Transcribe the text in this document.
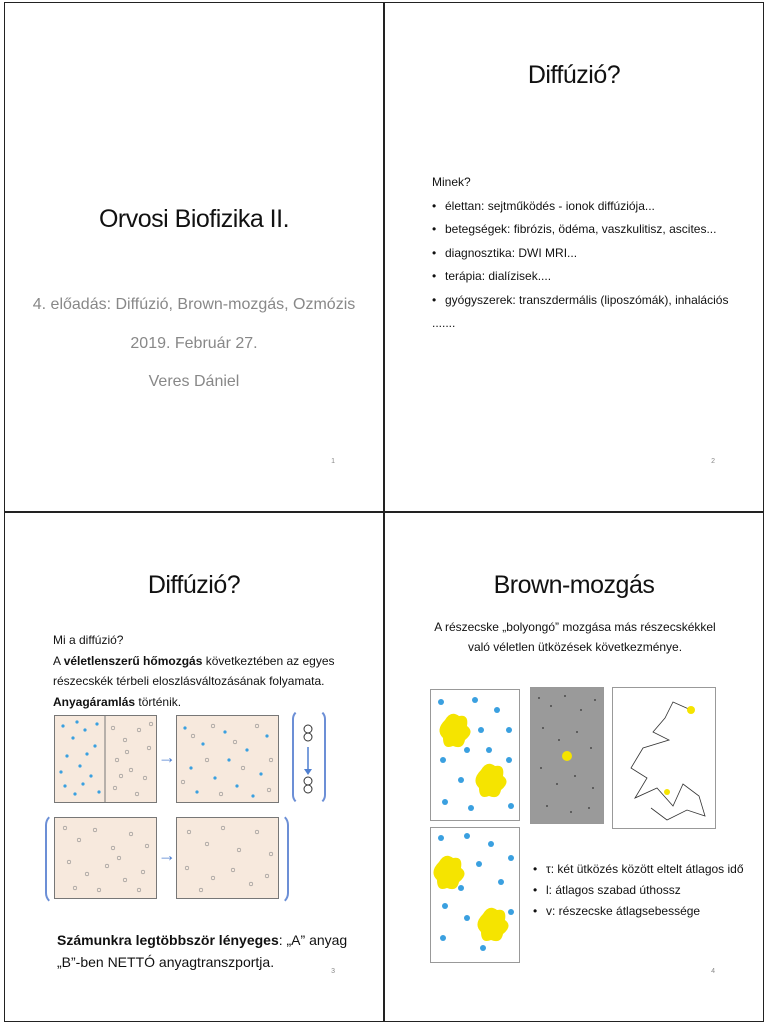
Orvosi Biofizika II.
4. előadás: Diffúzió, Brown-mozgás, Ozmózis
2019. Február 27.
Veres Dániel
1
Diffúzió?
Minek?
• élettan: sejtműködés - ionok diffúziója...
• betegségek: fibrózis, ödéma, vaszkulitisz, ascites...
• diagnosztika: DWI MRI...
• terápia: dialízisek....
• gyógyszerek: transzdermális (liposzómák), inhalációs
.......
2
Diffúzió?
Mi a diffúzió?
A véletlenszerű hőmozgás következtében az egyes részecskék térbeli eloszlásváltozásának folyamata. Anyagáramlás történik.
→
→
Számunkra legtöbbször lényeges: „A” anyag „B”-ben NETTÓ anyagtranszportja.
3
Brown-mozgás
A részecske „bolyongó” mozgása más részecskékkel való véletlen ütközések következménye.
• τ: két ütközés között eltelt átlagos idő
• l: átlagos szabad úthossz
• v: részecske átlagsebessége
4
